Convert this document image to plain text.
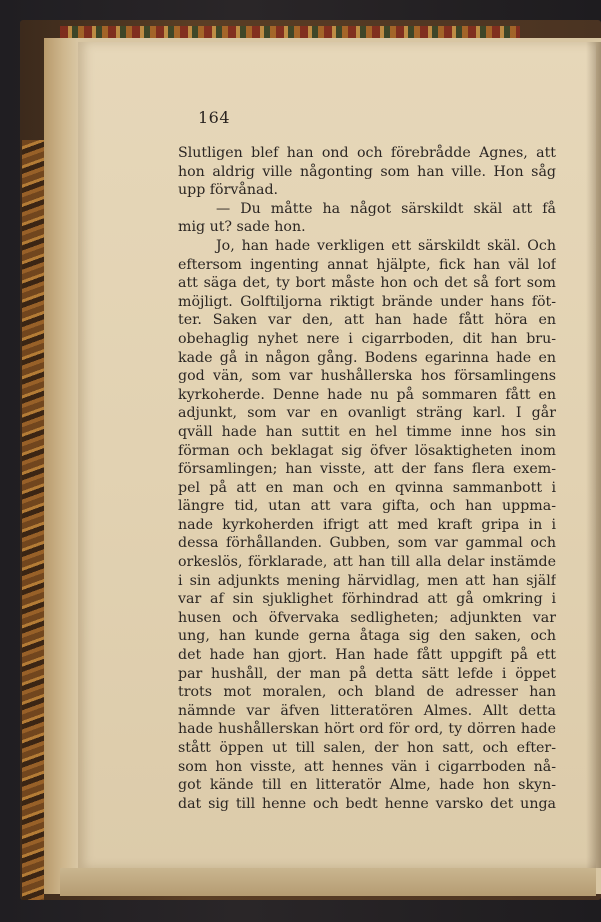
164
Slutligen blef han ond och förebrådde Agnes, att
hon aldrig ville någonting som han ville. Hon såg
upp förvånad.
— Du måtte ha något särskildt skäl att få
mig ut? sade hon.
Jo, han hade verkligen ett särskildt skäl. Och
eftersom ingenting annat hjälpte, fick han väl lof
att säga det, ty bort måste hon och det så fort som
möjligt. Golftiljorna riktigt brände under hans föt-
ter. Saken var den, att han hade fått höra en
obehaglig nyhet nere i cigarrboden, dit han bru-
kade gå in någon gång. Bodens egarinna hade en
god vän, som var hushållerska hos församlingens
kyrkoherde. Denne hade nu på sommaren fått en
adjunkt, som var en ovanligt sträng karl. I går
qväll hade han suttit en hel timme inne hos sin
förman och beklagat sig öfver lösaktigheten inom
församlingen; han visste, att der fans flera exem-
pel på att en man och en qvinna sammanbott i
längre tid, utan att vara gifta, och han uppma-
nade kyrkoherden ifrigt att med kraft gripa in i
dessa förhållanden. Gubben, som var gammal och
orkeslös, förklarade, att han till alla delar instämde
i sin adjunkts mening härvidlag, men att han själf
var af sin sjuklighet förhindrad att gå omkring i
husen och öfvervaka sedligheten; adjunkten var
ung, han kunde gerna åtaga sig den saken, och
det hade han gjort. Han hade fått uppgift på ett
par hushåll, der man på detta sätt lefde i öppet
trots mot moralen, och bland de adresser han
nämnde var äfven litteratören Almes. Allt detta
hade hushållerskan hört ord för ord, ty dörren hade
stått öppen ut till salen, der hon satt, och efter-
som hon visste, att hennes vän i cigarrboden nå-
got kände till en litteratör Alme, hade hon skyn-
dat sig till henne och bedt henne varsko det unga
